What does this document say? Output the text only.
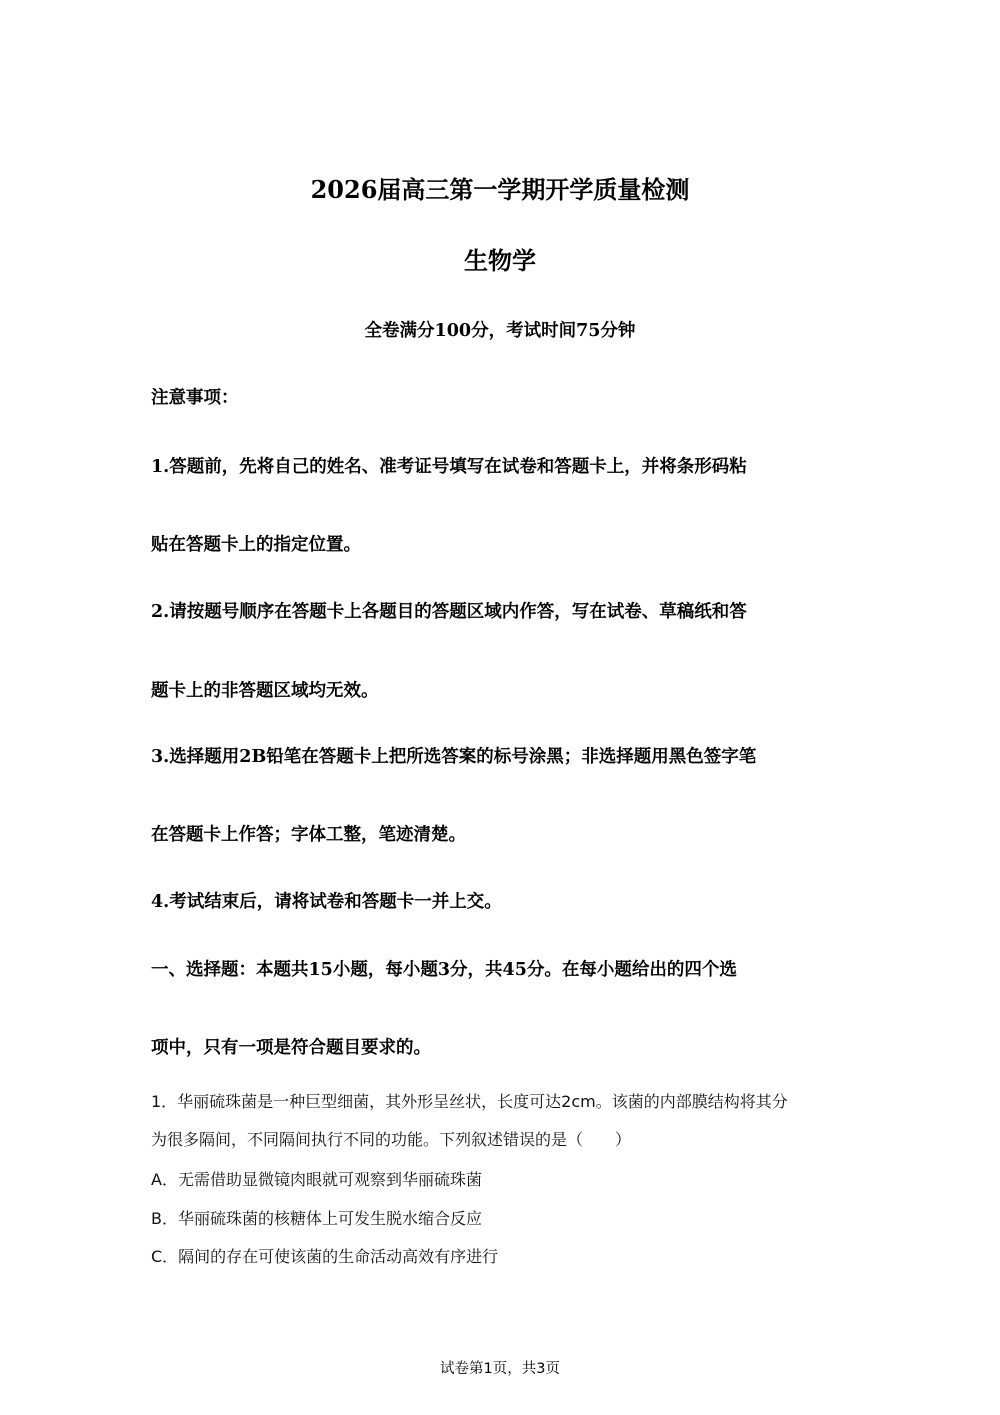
2026届高三第一学期开学质量检测
生物学

全卷满分100分，考试时间75分钟

注意事项：

1.答题前，先将自己的姓名、准考证号填写在试卷和答题卡上，并将条形码粘

贴在答题卡上的指定位置。

2.请按题号顺序在答题卡上各题目的答题区域内作答，写在试卷、草稿纸和答

题卡上的非答题区域均无效。

3.选择题用2B铅笔在答题卡上把所选答案的标号涂黑；非选择题用黑色签字笔

在答题卡上作答；字体工整，笔迹清楚。

4.考试结束后，请将试卷和答题卡一并上交。

一、选择题：本题共15小题，每小题3分，共45分。在每小题给出的四个选

项中，只有一项是符合题目要求的。

1．华丽硫珠菌是一种巨型细菌，其外形呈丝状，长度可达2cm。该菌的内部膜结构将其分

为很多隔间，不同隔间执行不同的功能。下列叙述错误的是（　　）

A．无需借助显微镜肉眼就可观察到华丽硫珠菌

B．华丽硫珠菌的核糖体上可发生脱水缩合反应

C．隔间的存在可使该菌的生命活动高效有序进行

试卷第1页，共3页
